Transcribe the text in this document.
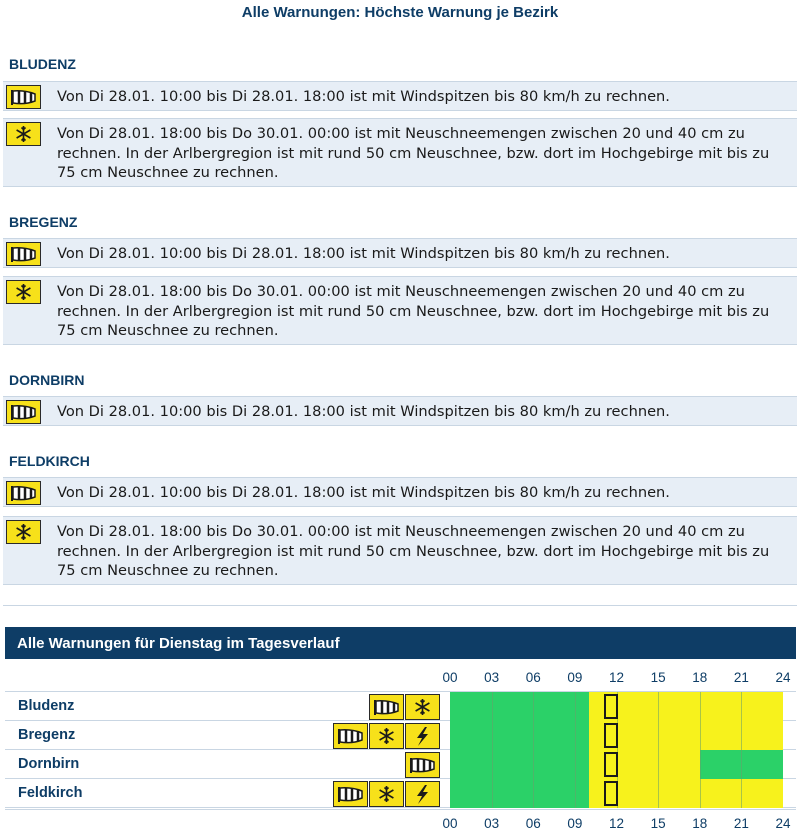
Alle Warnungen: Höchste Warnung je Bezirk
BLUDENZ
Von Di 28.01. 10:00 bis Di 28.01. 18:00 ist mit Windspitzen bis 80 km/h zu rechnen.
Von Di 28.01. 18:00 bis Do 30.01. 00:00 ist mit Neuschneemengen zwischen 20 und 40 cm zu rechnen. In der Arlbergregion ist mit rund 50 cm Neuschnee, bzw. dort im Hochgebirge mit bis zu 75 cm Neuschnee zu rechnen.
BREGENZ
Von Di 28.01. 10:00 bis Di 28.01. 18:00 ist mit Windspitzen bis 80 km/h zu rechnen.
Von Di 28.01. 18:00 bis Do 30.01. 00:00 ist mit Neuschneemengen zwischen 20 und 40 cm zu rechnen. In der Arlbergregion ist mit rund 50 cm Neuschnee, bzw. dort im Hochgebirge mit bis zu 75 cm Neuschnee zu rechnen.
DORNBIRN
Von Di 28.01. 10:00 bis Di 28.01. 18:00 ist mit Windspitzen bis 80 km/h zu rechnen.
FELDKIRCH
Von Di 28.01. 10:00 bis Di 28.01. 18:00 ist mit Windspitzen bis 80 km/h zu rechnen.
Von Di 28.01. 18:00 bis Do 30.01. 00:00 ist mit Neuschneemengen zwischen 20 und 40 cm zu rechnen. In der Arlbergregion ist mit rund 50 cm Neuschnee, bzw. dort im Hochgebirge mit bis zu 75 cm Neuschnee zu rechnen.
Alle Warnungen für Dienstag im Tagesverlauf
00	03	06	09	12	15	18	21	24
Bludenz
Bregenz
Dornbirn
Feldkirch
00	03	06	09	12	15	18	21	24
